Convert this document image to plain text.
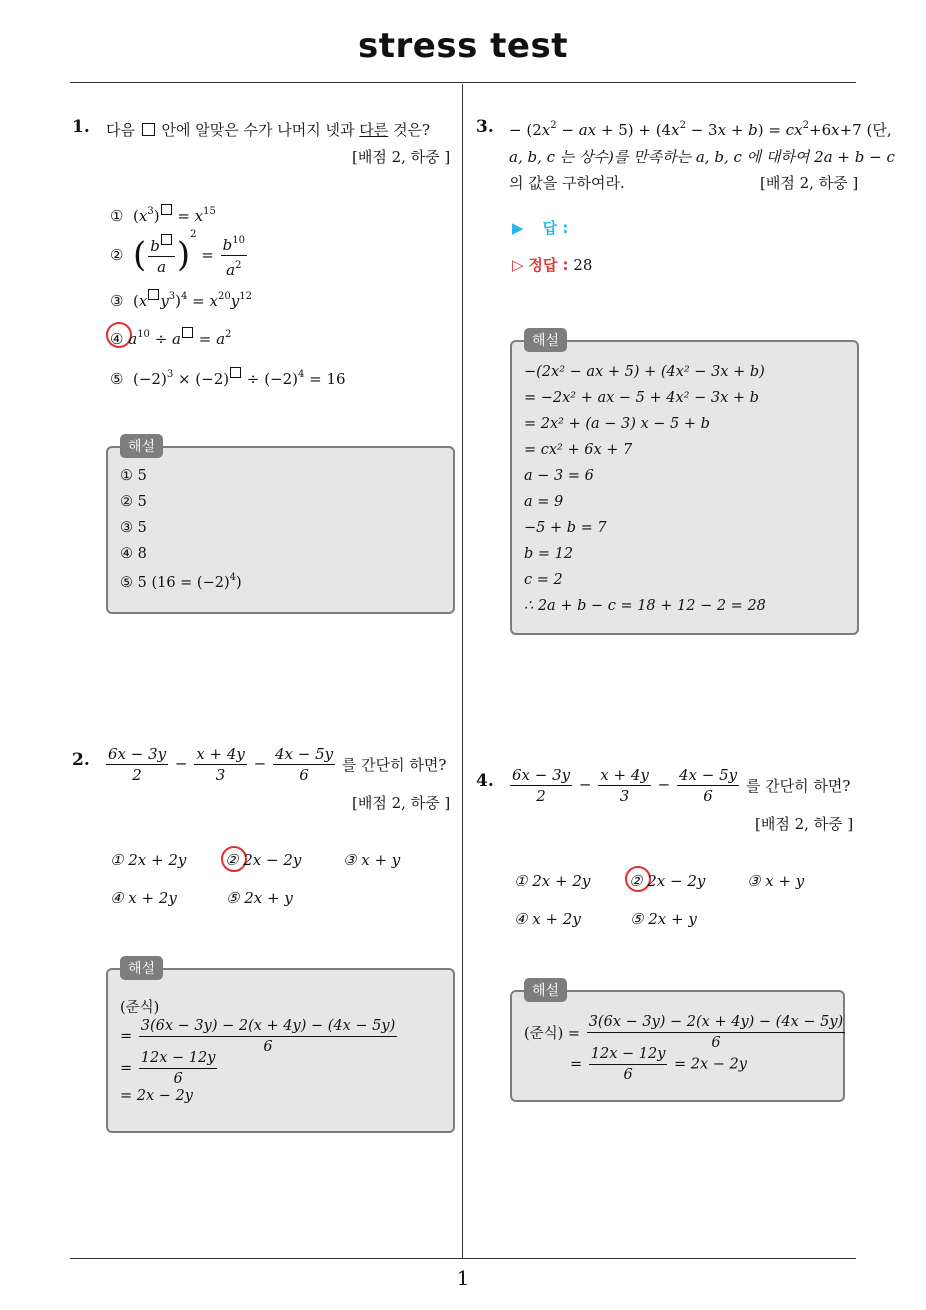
stress test
1
1. 다음 안에 알맞은 수가 나머지 넷과 다른 것은?
[배점 2, 하중 ]
①  $(x^3) = x^{15}$
② ( $\frac{b}{a} )^2 = \frac{b^{10}}{a^2}$
③  (x $y^3)^4 = x^{20}y^{12}$
④ $a^{10} \div a = a^2$
⑤  $(-2)^3 \times (-2) \div (-2)^4 = 16$
① 5
② 5
③ 5
④ 8
⑤ 5 $(16 = (-2)^4)$
해설
2. $\frac{6x - 3y}{2} - \frac{x + 4y}{3} - \frac{4x - 5y}{6}$ 를 간단히 하면?
[배점 2, 하중 ]
① 2x + 2y	② 2x − 2y	③ x + y
④ x + 2y	⑤ 2x + y
(준식)
= $\frac{3(6x - 3y) - 2(x + 4y) - (4x - 5y)}{6}$
= $\frac{12x - 12y}{6}$
= 2x − 2y
해설
3. − ($2x^2$ − ax + $5) + (4x^2 - 3x + b) = cx^2+6x+7$ (단,
a, b, c 는 상수)를 만족하는 a, b, c 에 대하여 2a + b − c
의 값을 구하여라.	[배점 2, 하중 ]
▶ 답 :
▷ 정답 : 28
−(2x² − ax + 5) + (4x² − 3x + b)
= −2x² + ax − 5 + 4x² − 3x + b
= 2x² + (a − 3) x − 5 + b
= cx² + 6x + 7
a − 3 = 6
a = 9
−5 + b = 7
b = 12
c = 2
∴ 2a + b − c = 18 + 12 − 2 = 28
해설
4. $\frac{6x - 3y}{2} - \frac{x + 4y}{3} - \frac{4x - 5y}{6}$ 를 간단히 하면?
[배점 2, 하중 ]
① 2x + 2y	② 2x − 2y	③ x + y
④ x + 2y	⑤ 2x + y
(준식) = $\frac{3(6x - 3y) - 2(x + 4y) - (4x - 5y)}{6}$
= $\frac{12x - 12y}{6} = 2x - 2y$
해설
